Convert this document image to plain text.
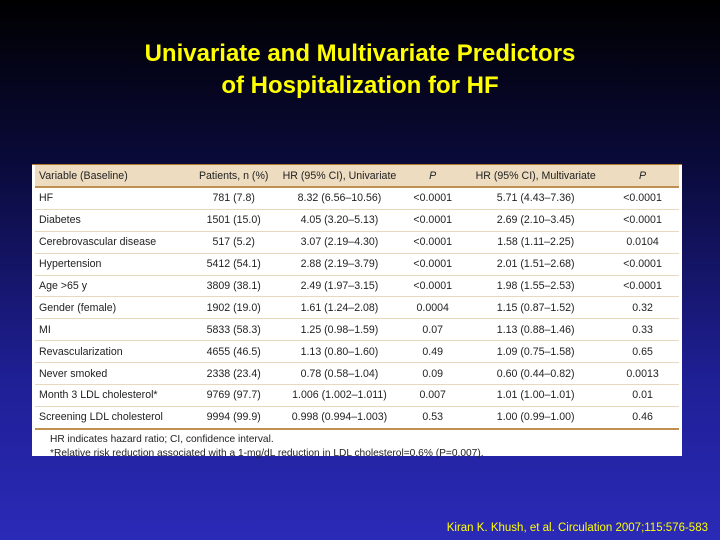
Univariate and Multivariate Predictors
of Hospitalization for HF
Variable (Baseline)	Patients, n (%)	HR (95% CI), Univariate	P	HR (95% CI), Multivariate	P
HF	781 (7.8)	8.32 (6.56–10.56)	<0.0001	5.71 (4.43–7.36)	<0.0001
Diabetes	1501 (15.0)	4.05 (3.20–5.13)	<0.0001	2.69 (2.10–3.45)	<0.0001
Cerebrovascular disease	517 (5.2)	3.07 (2.19–4.30)	<0.0001	1.58 (1.11–2.25)	0.0104
Hypertension	5412 (54.1)	2.88 (2.19–3.79)	<0.0001	2.01 (1.51–2.68)	<0.0001
Age >65 y	3809 (38.1)	2.49 (1.97–3.15)	<0.0001	1.98 (1.55–2.53)	<0.0001
Gender (female)	1902 (19.0)	1.61 (1.24–2.08)	0.0004	1.15 (0.87–1.52)	0.32
MI	5833 (58.3)	1.25 (0.98–1.59)	0.07	1.13 (0.88–1.46)	0.33
Revascularization	4655 (46.5)	1.13 (0.80–1.60)	0.49	1.09 (0.75–1.58)	0.65
Never smoked	2338 (23.4)	0.78 (0.58–1.04)	0.09	0.60 (0.44–0.82)	0.0013
Month 3 LDL cholesterol*	9769 (97.7)	1.006 (1.002–1.011)	0.007	1.01 (1.00–1.01)	0.01
Screening LDL cholesterol	9994 (99.9)	0.998 (0.994–1.003)	0.53	1.00 (0.99–1.00)	0.46
HR indicates hazard ratio; CI, confidence interval.
*Relative risk reduction associated with a 1-mg/dL reduction in LDL cholesterol=0.6% (P=0.007).
Kiran K. Khush, et al. Circulation 2007;115:576-583
